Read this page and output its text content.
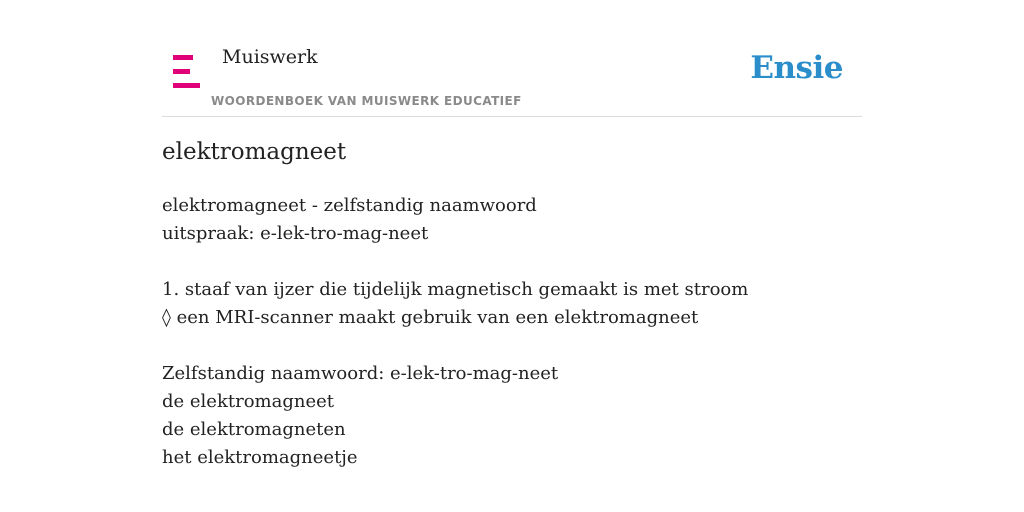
Muiswerk
WOORDENBOEK VAN MUISWERK EDUCATIEF
Ensie
elektromagneet
elektromagneet - zelfstandig naamwoord
uitspraak: e-lek-tro-mag-neet
1. staaf van ijzer die tijdelijk magnetisch gemaakt is met stroom
◊ een MRI-scanner maakt gebruik van een elektromagneet
Zelfstandig naamwoord: e-lek-tro-mag-neet
de elektromagneet
de elektromagneten
het elektromagneetje
